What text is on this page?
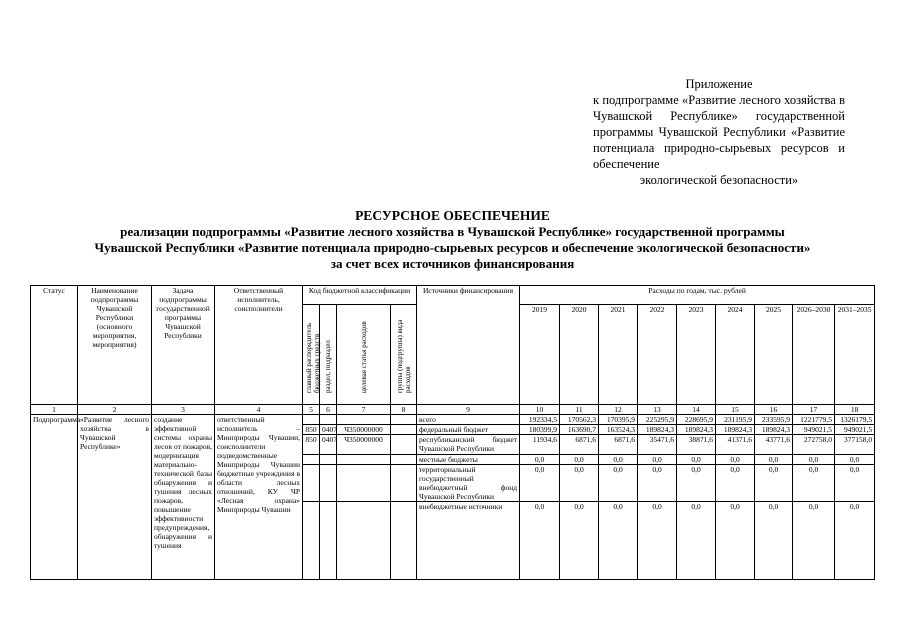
Приложение
к подпрограмме «Развитие лесного хозяйства в Чувашской Республике» государственной программы Чувашской Республики «Развитие потенциала природно-сырьевых ресурсов и обеспечение
экологической безопасности»
РЕСУРСНОЕ ОБЕСПЕЧЕНИЕ
реализации подпрограммы «Развитие лесного хозяйства в Чувашской Республике» государственной программы
Чувашской Республики «Развитие потенциала природно-сырьевых ресурсов и обеспечение экологической безопасности»
за счет всех источников финансирования
Статус	Наименование подпрограммы Чувашской Республики (основного мероприятия, мероприятия)	Задача подпрограммы государственной программы Чувашской Республики	Ответственный исполнитель, соисполнители	Код бюджетной классификации				Источники финансирования	Расходы по годам, тыс. рублей								

				главный распорядитель бюджетных средств	раздел, подраздел	целевая статья расходов	группа (подгруппа) вида расходов		2019	2020	2021	2022	2023	2024	2025	2026–2030	2031–2035
1	2	3	4	5	6	7	8	9	10	11	12	13	14	15	16	17	18
Подпрограмма	«Развитие лесного хозяйства в Чувашской Республике»	создание эффективной системы охраны лесов от пожаров, модернизация материально-технической базы обнаружения и тушения лесных пожаров, повышение эффективности предупреждения, обнаружения и тушения	ответственный исполнитель – Минприроды Чувашии, соисполнители подведомственные Минприроды Чувашии бюджетные учреждения в области лесных отношений, КУ ЧР «Лесная охрана» Минприроды Чувашии					всего	192334,5	170562,3	170395,9	225295,9	228695,9	231195,9	233595,9	1221779,5	1326179,5
				850	0407	Ч350000000		федеральный бюджет	180399,9	163690,7	163524,3	189824,3	189824,3	189824,3	189824,3	949021,5	949021,5
				850	0407	Ч350000000		республиканский бюджет Чувашской Республики	11934,6	6871,6	6871,6	35471,6	38871,6	41371,6	43771,6	272758,0	377158,0
								местные бюджеты	0,0	0,0	0,0	0,0	0,0	0,0	0,0	0,0	0,0
								территориальный государственный внебюджетный фонд Чувашской Республики	0,0	0,0	0,0	0,0	0,0	0,0	0,0	0,0	0,0
								внебюджетные источники	0,0	0,0	0,0	0,0	0,0	0,0	0,0	0,0	0,0
